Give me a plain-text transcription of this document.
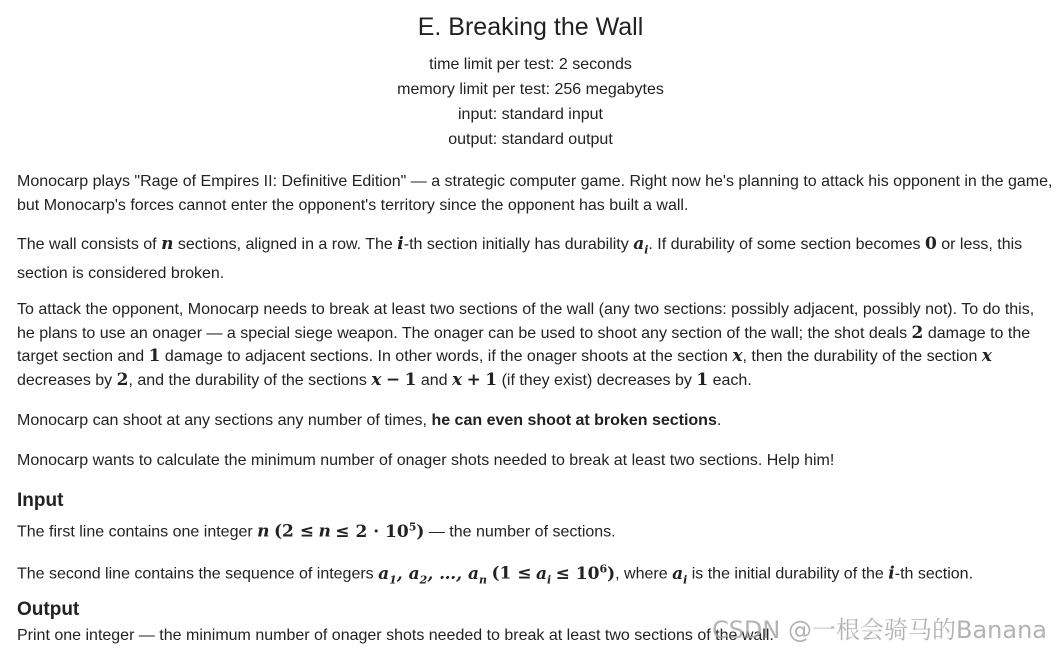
E. Breaking the Wall
time limit per test: 2 seconds
memory limit per test: 256 megabytes
input: standard input
output: standard output

Monocarp plays "Rage of Empires II: Definitive Edition" — a strategic computer game. Right now he's planning to attack his opponent in the game, but Monocarp's forces cannot enter the opponent's territory since the opponent has built a wall.

The wall consists of n sections, aligned in a row. The i-th section initially has durability $a_i$. If durability of some section becomes 0 or less, this section is considered broken.

To attack the opponent, Monocarp needs to break at least two sections of the wall (any two sections: possibly adjacent, possibly not). To do this, he plans to use an onager — a special siege weapon. The onager can be used to shoot any section of the wall; the shot deals 2 damage to the target section and 1 damage to adjacent sections. In other words, if the onager shoots at the section x, then the durability of the section x decreases by 2, and the durability of the sections x − 1 and x + 1 (if they exist) decreases by 1 each.

Monocarp can shoot at any sections any number of times, he can even shoot at broken sections.

Monocarp wants to calculate the minimum number of onager shots needed to break at least two sections. Help him!

Input

The first line contains one integer n $(2 \le n \le 2 \cdot 10^5)$ — the number of sections.

The second line contains the sequence of integers $a_1$, $a_2$, …, $a_n$ $(1 \le a_i \le 10^6)$, where $a_i$ is the initial durability of the i-th section.

Output

Print one integer — the minimum number of onager shots needed to break at least two sections of the wall.

CSDN @一根会骑马的Banana
